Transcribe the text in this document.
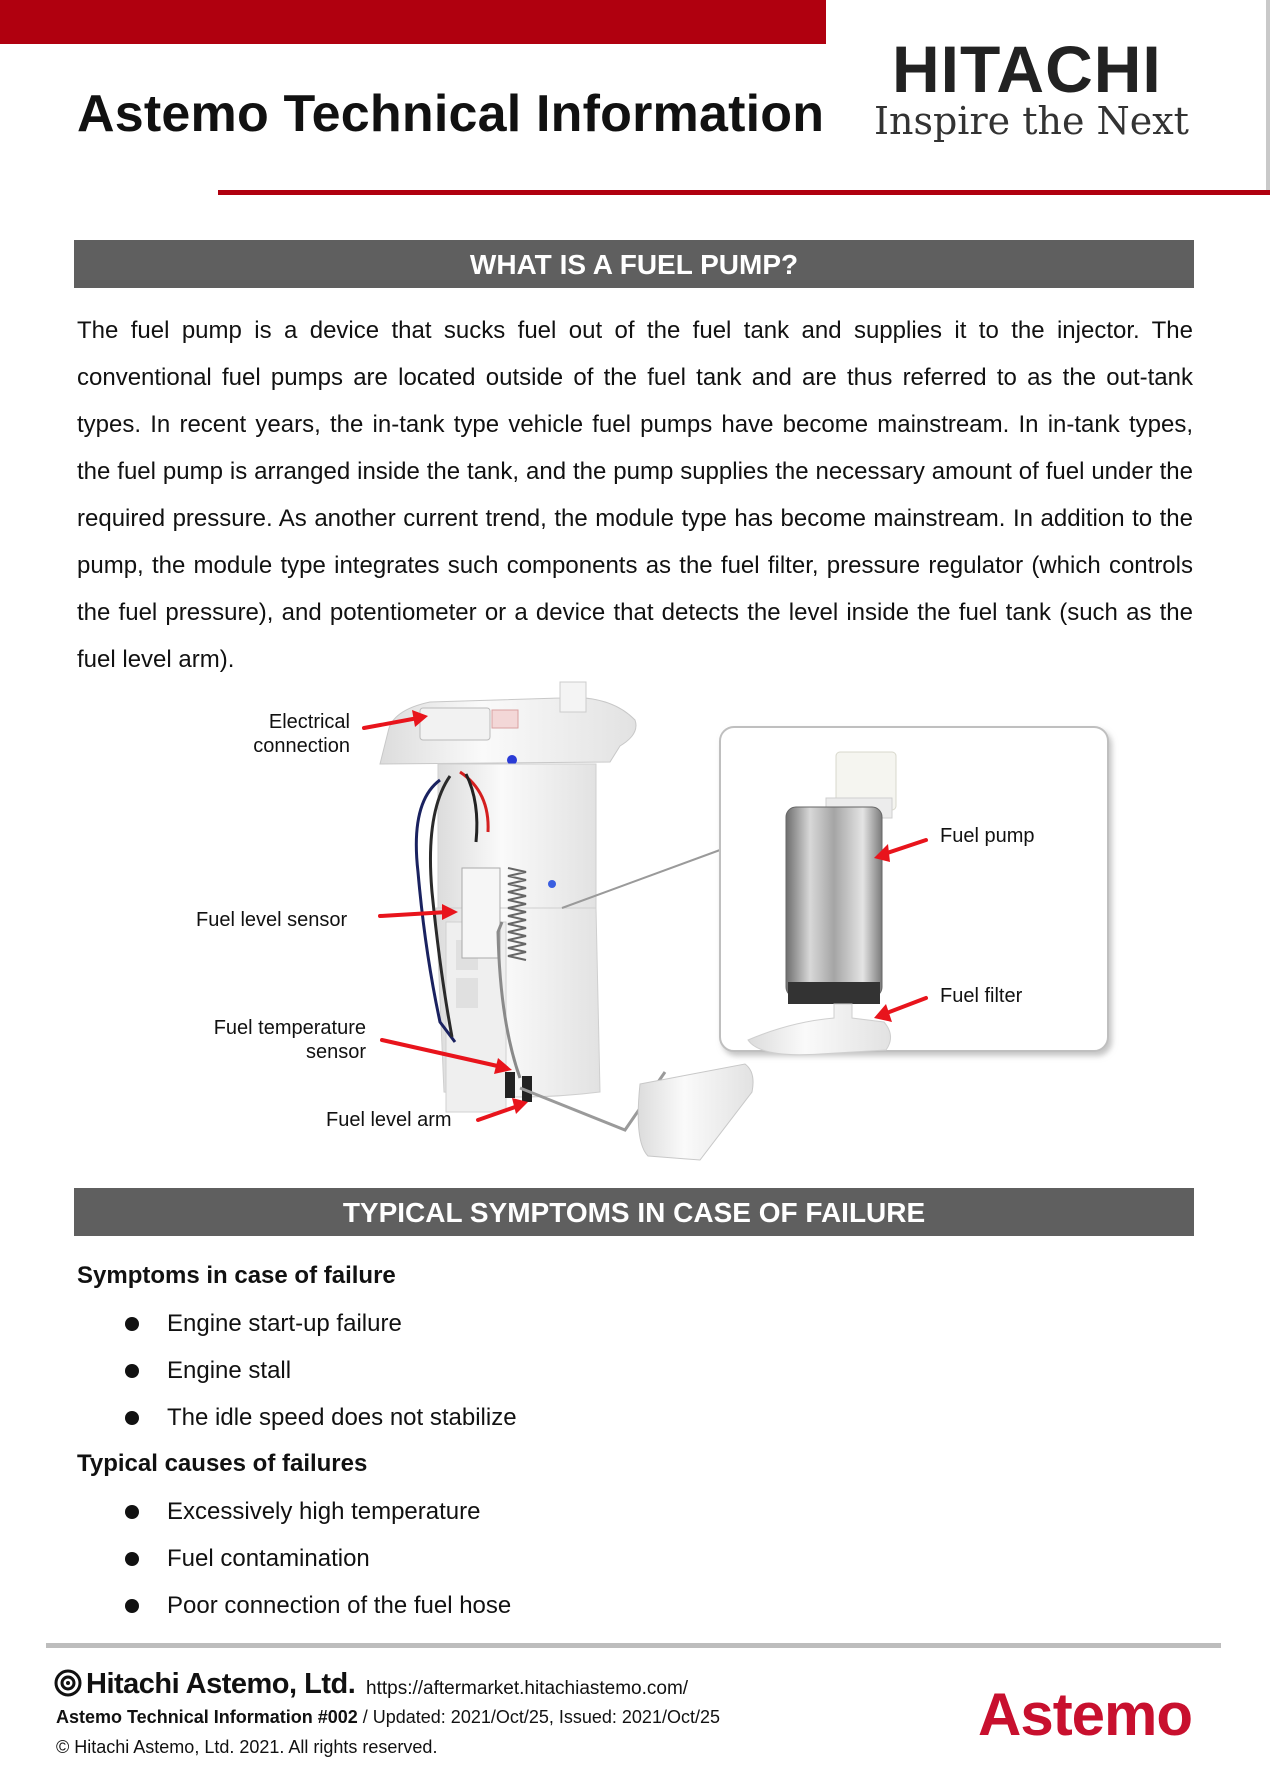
Astemo Technical Information
HITACHI
Inspire the Next
WHAT IS A FUEL PUMP?

The fuel pump is a device that sucks fuel out of the fuel tank and supplies it to the injector. The conventional fuel pumps are located outside of the fuel tank and are thus referred to as the out-tank types. In recent years, the in-tank type vehicle fuel pumps have become mainstream. In in-tank types, the fuel pump is arranged inside the tank, and the pump supplies the necessary amount of fuel under the required pressure. As another current trend, the module type has become mainstream. In addition to the pump, the module type integrates such components as the fuel filter, pressure regulator (which controls the fuel pressure), and potentiometer or a device that detects the level inside the fuel tank (such as the fuel level arm).

Electrical
connection
Fuel level sensor
Fuel temperature
sensor
Fuel level arm
Fuel pump
Fuel filter
TYPICAL SYMPTOMS IN CASE OF FAILURE
Symptoms in case of failure
Engine start-up failure
Engine stall
The idle speed does not stabilize
Typical causes of failures
Excessively high temperature
Fuel contamination
Poor connection of the fuel hose
Hitachi Astemo, Ltd. https://aftermarket.hitachiastemo.com/
Astemo Technical Information #002 / Updated: 2021/Oct/25, Issued: 2021/Oct/25
© Hitachi Astemo, Ltd. 2021. All rights reserved.	Astemo
